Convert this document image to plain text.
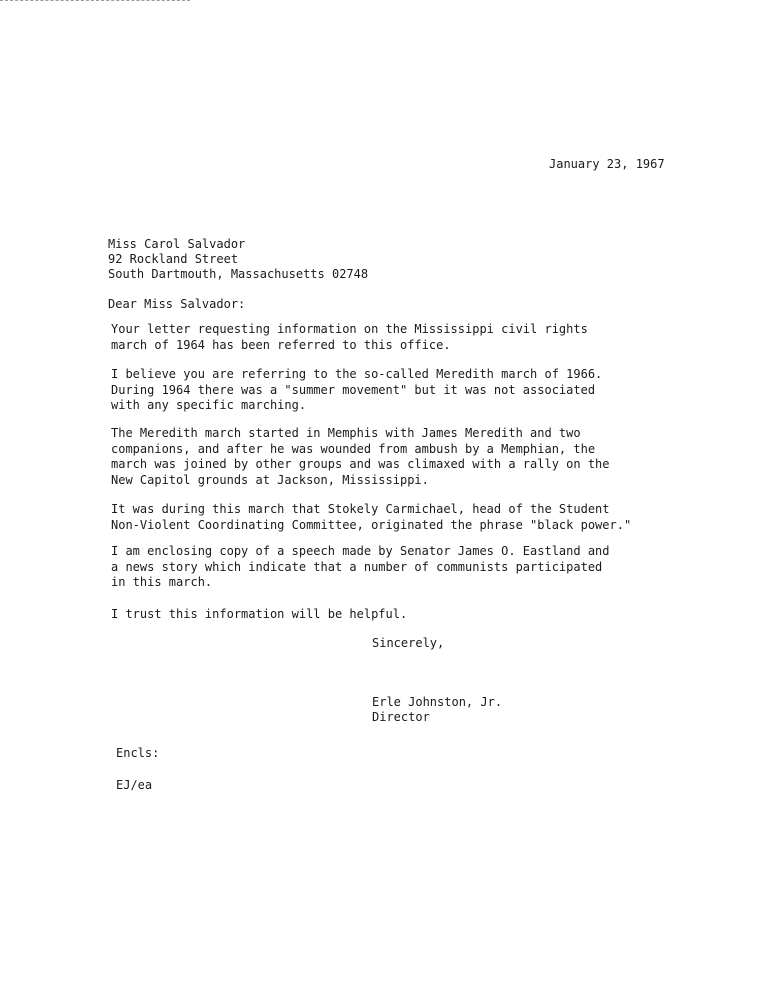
January 23, 1967
Miss Carol Salvador
92 Rockland Street
South Dartmouth, Massachusetts 02748
Dear Miss Salvador:
Your letter requesting information on the Mississippi civil rights
march of 1964 has been referred to this office.
I believe you are referring to the so-called Meredith march of 1966.
During 1964 there was a "summer movement" but it was not associated
with any specific marching.
The Meredith march started in Memphis with James Meredith and two
companions, and after he was wounded from ambush by a Memphian, the
march was joined by other groups and was climaxed with a rally on the
New Capitol grounds at Jackson, Mississippi.
It was during this march that Stokely Carmichael, head of the Student
Non-Violent Coordinating Committee, originated the phrase "black power."
I am enclosing copy of a speech made by Senator James O. Eastland and
a news story which indicate that a number of communists participated
in this march.
I trust this information will be helpful.
Sincerely,
Erle Johnston, Jr.
Director
Encls:
EJ/ea
